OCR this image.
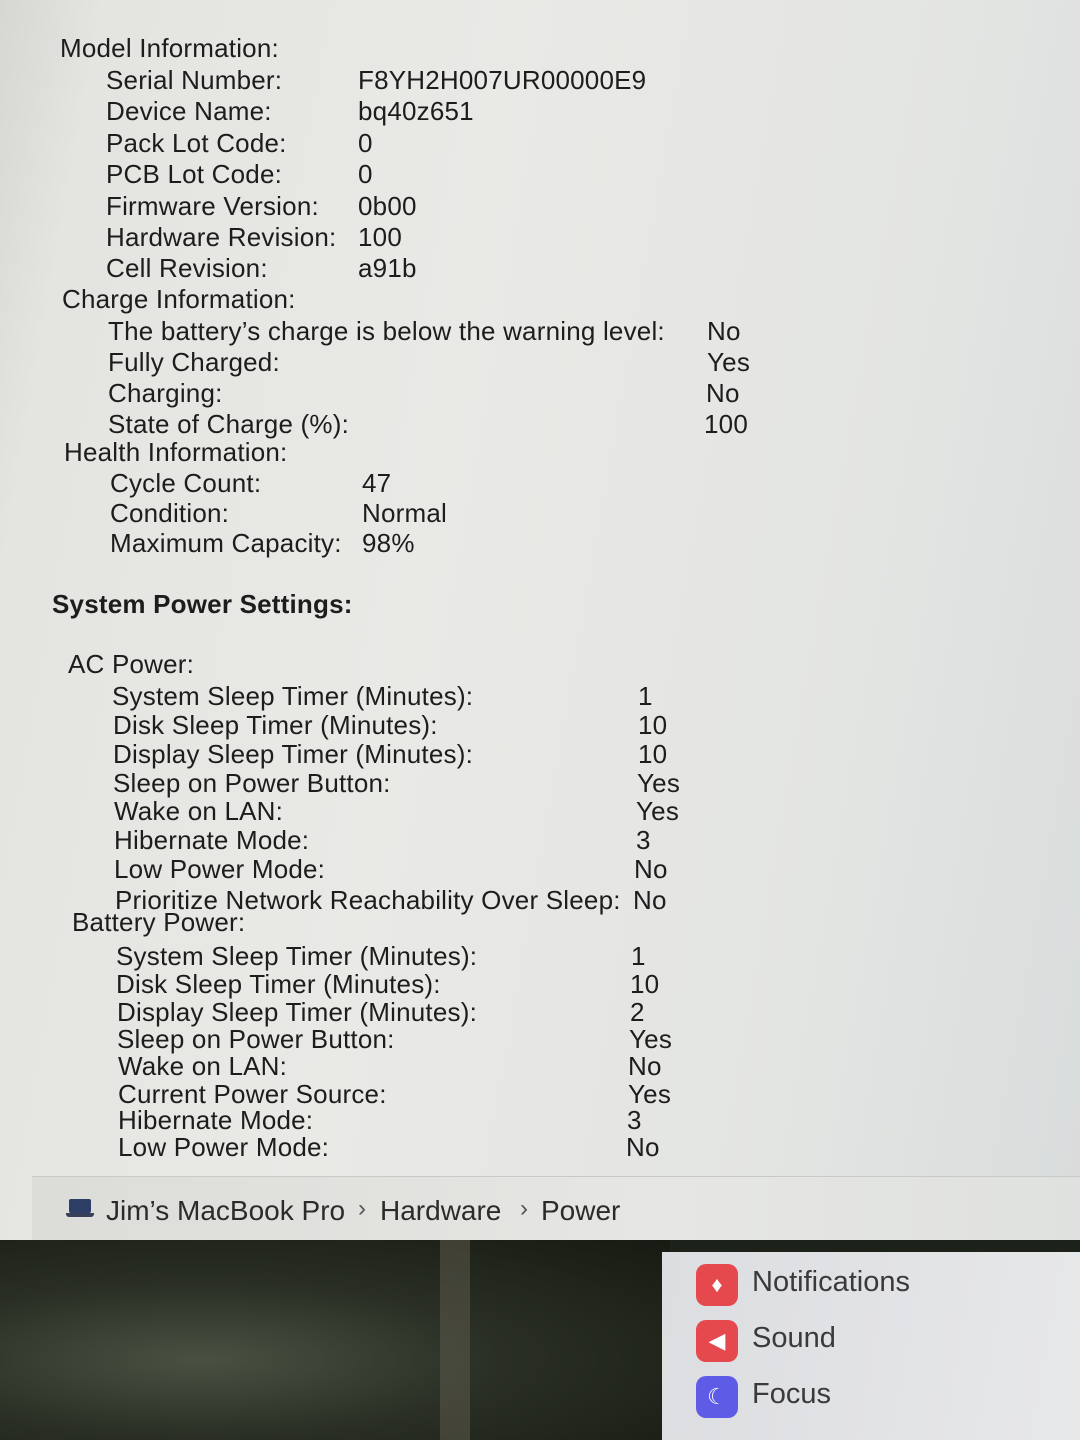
Model Information:
Serial Number:	F8YH2H007UR00000E9
Device Name:	bq40z651
Pack Lot Code:	0
PCB Lot Code:	0
Firmware Version: 0b00
Hardware Revision: 100
Cell Revision:	a91b
Charge Information:
The battery’s charge is below the warning level: No
Fully Charged:	Yes
Charging:	No
State of Charge (%):	100
Health Information:
Cycle Count:	47
Condition:	Normal
Maximum Capacity: 98%
System Power Settings:
AC Power:
System Sleep Timer (Minutes):	1
Disk Sleep Timer (Minutes):	10
Display Sleep Timer (Minutes):	10
Sleep on Power Button:	Yes
Wake on LAN:	Yes
Hibernate Mode:	3
Low Power Mode:	No
Prioritize Network Reachability Over Sleep: No
Battery Power:
System Sleep Timer (Minutes):	1
Disk Sleep Timer (Minutes):	10
Display Sleep Timer (Minutes):	2
Sleep on Power Button:	Yes
Wake on LAN:	No
Current Power Source:	Yes
Hibernate Mode:	3
Low Power Mode:	No
Jim’s MacBook Pro › Hardware › Power
♦	Notifications
◀ Sound
☾ Focus
